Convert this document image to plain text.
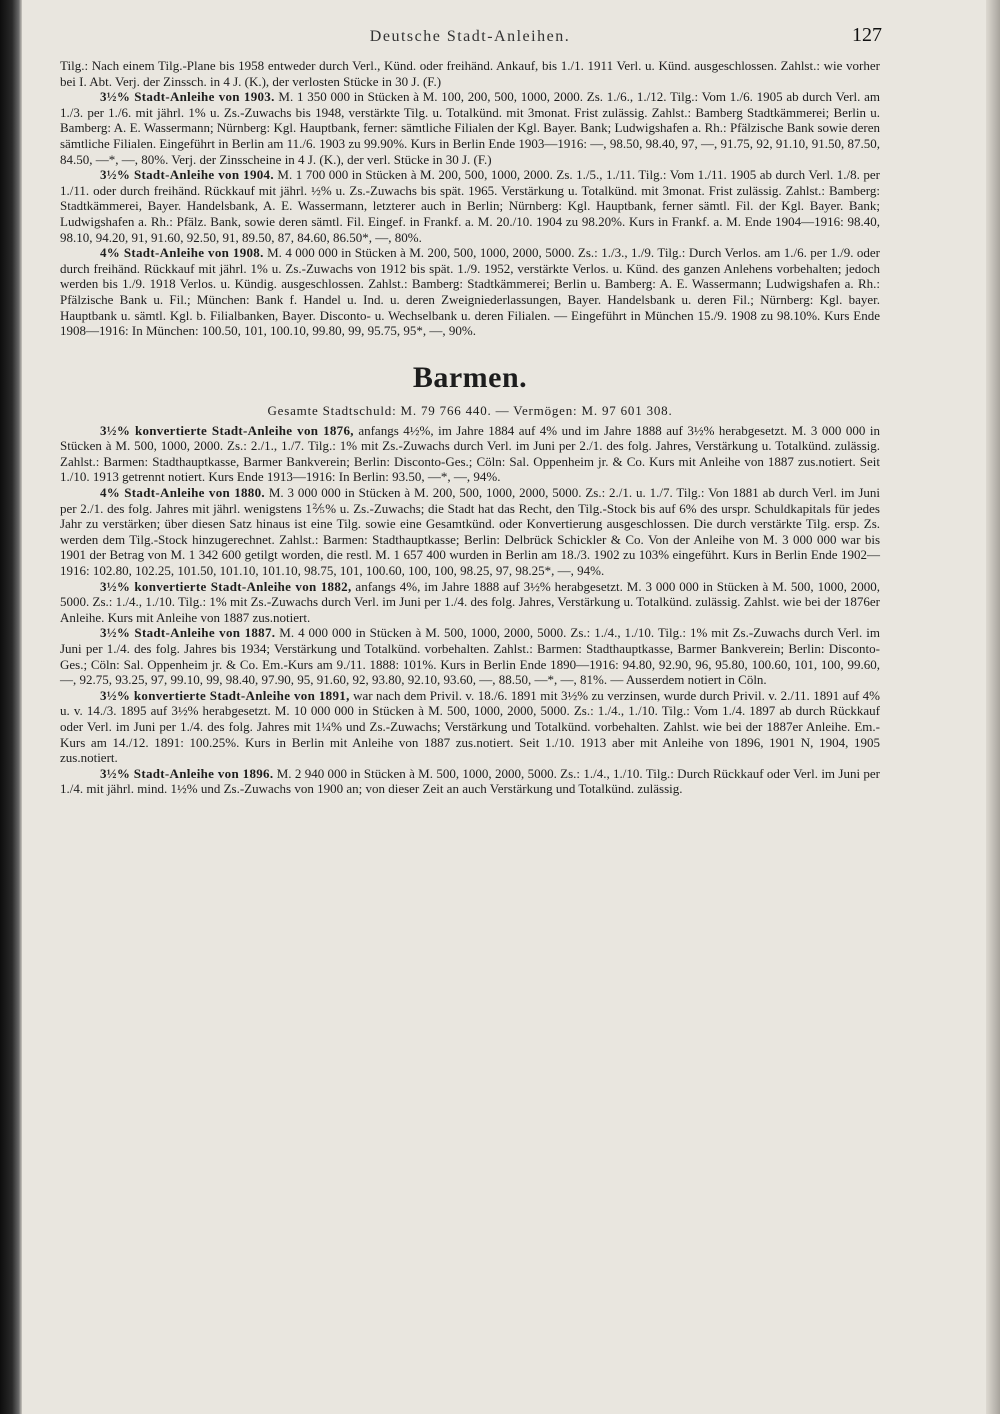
Deutsche Stadt-Anleihen.	127

Tilg.: Nach einem Tilg.-Plane bis 1958 entweder durch Verl., Künd. oder freihänd. Ankauf, bis 1./1. 1911 Verl. u. Künd. ausgeschlossen. Zahlst.: wie vorher bei I. Abt. Verj. der Zinssch. in 4 J. (K.), der verlosten Stücke in 30 J. (F.)

3½% Stadt-Anleihe von 1903. M. 1 350 000 in Stücken à M. 100, 200, 500, 1000, 2000. Zs. 1./6., 1./12. Tilg.: Vom 1./6. 1905 ab durch Verl. am 1./3. per 1./6. mit jährl. 1% u. Zs.-Zuwachs bis 1948, verstärkte Tilg. u. Totalkünd. mit 3monat. Frist zulässig. Zahlst.: Bamberg Stadtkämmerei; Berlin u. Bamberg: A. E. Wassermann; Nürnberg: Kgl. Hauptbank, ferner: sämtliche Filialen der Kgl. Bayer. Bank; Ludwigshafen a. Rh.: Pfälzische Bank sowie deren sämtliche Filialen. Eingeführt in Berlin am 11./6. 1903 zu 99.90%. Kurs in Berlin Ende 1903—1916: —, 98.50, 98.40, 97, —, 91.75, 92, 91.10, 91.50, 87.50, 84.50, —*, —, 80%. Verj. der Zinsscheine in 4 J. (K.), der verl. Stücke in 30 J. (F.)

3½% Stadt-Anleihe von 1904. M. 1 700 000 in Stücken à M. 200, 500, 1000, 2000. Zs. 1./5., 1./11. Tilg.: Vom 1./11. 1905 ab durch Verl. 1./8. per 1./11. oder durch freihänd. Rückkauf mit jährl. ½% u. Zs.-Zuwachs bis spät. 1965. Verstärkung u. Totalkünd. mit 3monat. Frist zulässig. Zahlst.: Bamberg: Stadtkämmerei, Bayer. Handelsbank, A. E. Wassermann, letzterer auch in Berlin; Nürnberg: Kgl. Hauptbank, ferner sämtl. Fil. der Kgl. Bayer. Bank; Ludwigshafen a. Rh.: Pfälz. Bank, sowie deren sämtl. Fil. Eingef. in Frankf. a. M. 20./10. 1904 zu 98.20%. Kurs in Frankf. a. M. Ende 1904—1916: 98.40, 98.10, 94.20, 91, 91.60, 92.50, 91, 89.50, 87, 84.60, 86.50*, —, 80%.

4% Stadt-Anleihe von 1908. M. 4 000 000 in Stücken à M. 200, 500, 1000, 2000, 5000. Zs.: 1./3., 1./9. Tilg.: Durch Verlos. am 1./6. per 1./9. oder durch freihänd. Rückkauf mit jährl. 1% u. Zs.-Zuwachs von 1912 bis spät. 1./9. 1952, verstärkte Verlos. u. Künd. des ganzen Anlehens vorbehalten; jedoch werden bis 1./9. 1918 Verlos. u. Kündig. ausgeschlossen. Zahlst.: Bamberg: Stadtkämmerei; Berlin u. Bamberg: A. E. Wassermann; Ludwigshafen a. Rh.: Pfälzische Bank u. Fil.; München: Bank f. Handel u. Ind. u. deren Zweigniederlassungen, Bayer. Handelsbank u. deren Fil.; Nürnberg: Kgl. bayer. Hauptbank u. sämtl. Kgl. b. Filialbanken, Bayer. Disconto- u. Wechselbank u. deren Filialen. — Eingeführt in München 15./9. 1908 zu 98.10%. Kurs Ende 1908—1916: In München: 100.50, 101, 100.10, 99.80, 99, 95.75, 95*, —, 90%.

Barmen.
Gesamte Stadtschuld: M. 79 766 440. — Vermögen: M. 97 601 308.

3½% konvertierte Stadt-Anleihe von 1876, anfangs 4½%, im Jahre 1884 auf 4% und im Jahre 1888 auf 3½% herabgesetzt. M. 3 000 000 in Stücken à M. 500, 1000, 2000. Zs.: 2./1., 1./7. Tilg.: 1% mit Zs.-Zuwachs durch Verl. im Juni per 2./1. des folg. Jahres, Verstärkung u. Totalkünd. zulässig. Zahlst.: Barmen: Stadthauptkasse, Barmer Bankverein; Berlin: Disconto-Ges.; Cöln: Sal. Oppenheim jr. & Co. Kurs mit Anleihe von 1887 zus.notiert. Seit 1./10. 1913 getrennt notiert. Kurs Ende 1913—1916: In Berlin: 93.50, —*, —, 94%.

4% Stadt-Anleihe von 1880. M. 3 000 000 in Stücken à M. 200, 500, 1000, 2000, 5000. Zs.: 2./1. u. 1./7. Tilg.: Von 1881 ab durch Verl. im Juni per 2./1. des folg. Jahres mit jährl. wenigstens 1⅖% u. Zs.-Zuwachs; die Stadt hat das Recht, den Tilg.-Stock bis auf 6% des urspr. Schuldkapitals für jedes Jahr zu verstärken; über diesen Satz hinaus ist eine Tilg. sowie eine Gesamtkünd. oder Konvertierung ausgeschlossen. Die durch verstärkte Tilg. ersp. Zs. werden dem Tilg.-Stock hinzugerechnet. Zahlst.: Barmen: Stadthauptkasse; Berlin: Delbrück Schickler & Co. Von der Anleihe von M. 3 000 000 war bis 1901 der Betrag von M. 1 342 600 getilgt worden, die restl. M. 1 657 400 wurden in Berlin am 18./3. 1902 zu 103% eingeführt. Kurs in Berlin Ende 1902—1916: 102.80, 102.25, 101.50, 101.10, 101.10, 98.75, 101, 100.60, 100, 100, 98.25, 97, 98.25*, —, 94%.

3½% konvertierte Stadt-Anleihe von 1882, anfangs 4%, im Jahre 1888 auf 3½% herabgesetzt. M. 3 000 000 in Stücken à M. 500, 1000, 2000, 5000. Zs.: 1./4., 1./10. Tilg.: 1% mit Zs.-Zuwachs durch Verl. im Juni per 1./4. des folg. Jahres, Verstärkung u. Totalkünd. zulässig. Zahlst. wie bei der 1876er Anleihe. Kurs mit Anleihe von 1887 zus.notiert.

3½% Stadt-Anleihe von 1887. M. 4 000 000 in Stücken à M. 500, 1000, 2000, 5000. Zs.: 1./4., 1./10. Tilg.: 1% mit Zs.-Zuwachs durch Verl. im Juni per 1./4. des folg. Jahres bis 1934; Verstärkung und Totalkünd. vorbehalten. Zahlst.: Barmen: Stadthauptkasse, Barmer Bankverein; Berlin: Disconto-Ges.; Cöln: Sal. Oppenheim jr. & Co. Em.-Kurs am 9./11. 1888: 101%. Kurs in Berlin Ende 1890—1916: 94.80, 92.90, 96, 95.80, 100.60, 101, 100, 99.60, —, 92.75, 93.25, 97, 99.10, 99, 98.40, 97.90, 95, 91.60, 92, 93.80, 92.10, 93.60, —, 88.50, —*, —, 81%. — Ausserdem notiert in Cöln.

3½% konvertierte Stadt-Anleihe von 1891, war nach dem Privil. v. 18./6. 1891 mit 3½% zu verzinsen, wurde durch Privil. v. 2./11. 1891 auf 4% u. v. 14./3. 1895 auf 3½% herabgesetzt. M. 10 000 000 in Stücken à M. 500, 1000, 2000, 5000. Zs.: 1./4., 1./10. Tilg.: Vom 1./4. 1897 ab durch Rückkauf oder Verl. im Juni per 1./4. des folg. Jahres mit 1¼% und Zs.-Zuwachs; Verstärkung und Totalkünd. vorbehalten. Zahlst. wie bei der 1887er Anleihe. Em.-Kurs am 14./12. 1891: 100.25%. Kurs in Berlin mit Anleihe von 1887 zus.notiert. Seit 1./10. 1913 aber mit Anleihe von 1896, 1901 N, 1904, 1905 zus.notiert.

3½% Stadt-Anleihe von 1896. M. 2 940 000 in Stücken à M. 500, 1000, 2000, 5000. Zs.: 1./4., 1./10. Tilg.: Durch Rückkauf oder Verl. im Juni per 1./4. mit jährl. mind. 1½% und Zs.-Zuwachs von 1900 an; von dieser Zeit an auch Verstärkung und Totalkünd. zulässig.
